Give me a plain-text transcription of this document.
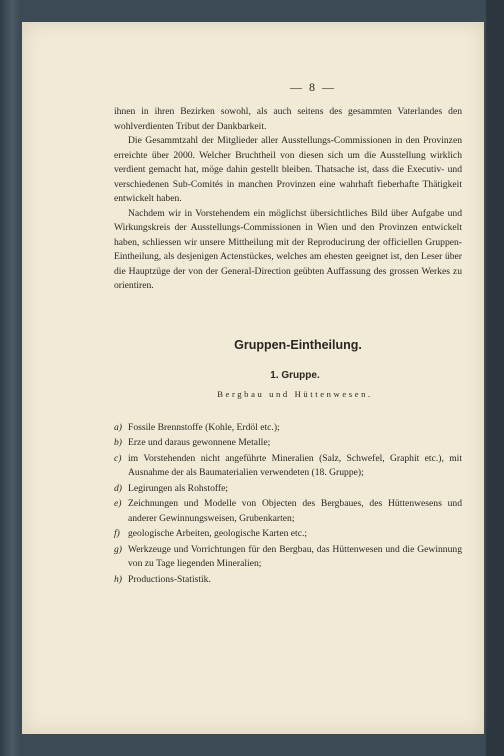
— 8 —

ihnen in ihren Bezirken sowohl, als auch seitens des gesammten Vaterlandes den wohlverdienten Tribut der Dankbarkeit.

Die Gesammtzahl der Mitglieder aller Ausstellungs-Commissionen in den Provinzen erreichte über 2000. Welcher Bruchtheil von diesen sich um die Ausstellung wirklich verdient gemacht hat, möge dahin gestellt bleiben. Thatsache ist, dass die Executiv- und verschiedenen Sub-Comités in manchen Provinzen eine wahrhaft fieberhafte Thätigkeit entwickelt haben.

Nachdem wir in Vorstehendem ein möglichst übersichtliches Bild über Aufgabe und Wirkungskreis der Ausstellungs-Commissionen in Wien und den Provinzen entwickelt haben, schliessen wir unsere Mittheilung mit der Reproducirung der officiellen Gruppen-Eintheilung, als desjenigen Actenstückes, welches am ehesten geeignet ist, den Leser über die Hauptzüge der von der General-Direction geübten Auffassung des grossen Werkes zu orientiren.

Gruppen-Eintheilung.
1. Gruppe.
Bergbau und Hüttenwesen.
a) Fossile Brennstoffe (Kohle, Erdöl etc.);
b) Erze und daraus gewonnene Metalle;
c) im Vorstehenden nicht angeführte Mineralien (Salz, Schwefel, Graphit etc.), mit Ausnahme der als Baumaterialien verwendeten (18. Gruppe);
d) Legirungen als Rohstoffe;
e) Zeichnungen und Modelle von Objecten des Bergbaues, des Hüttenwesens und anderer Gewinnungsweisen, Grubenkarten;
f) geologische Arbeiten, geologische Karten etc.;
g) Werkzeuge und Vorrichtungen für den Bergbau, das Hüttenwesen und die Gewinnung von zu Tage liegenden Mineralien;
h) Productions-Statistik.
